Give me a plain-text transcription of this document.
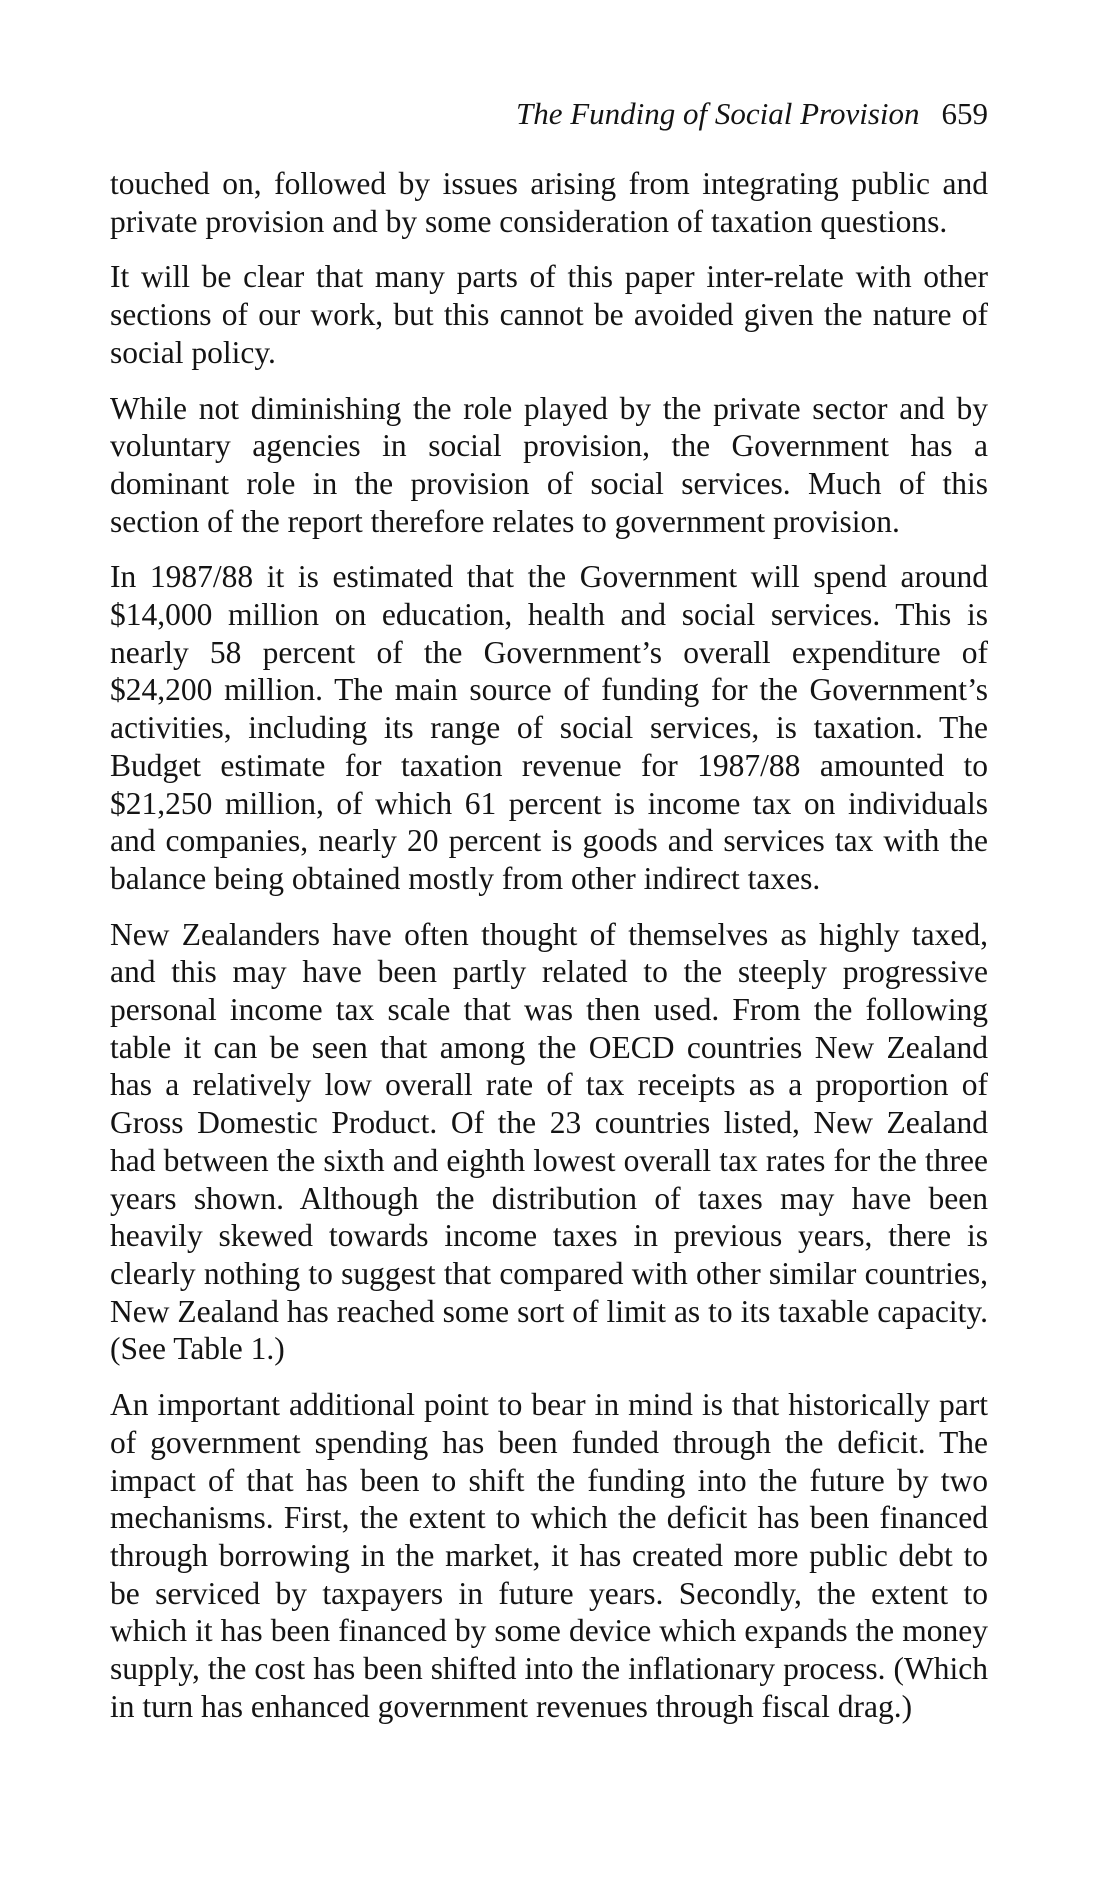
The Funding of Social Provision 659

touched on, followed by issues arising from integrating public and private provision and by some consideration of taxation questions.

It will be clear that many parts of this paper inter-relate with other sections of our work, but this cannot be avoided given the nature of social policy.

While not diminishing the role played by the private sector and by voluntary agencies in social provision, the Government has a dominant role in the provision of social services. Much of this section of the report therefore relates to government provision.

In 1987/88 it is estimated that the Government will spend around $14,000 million on education, health and social services. This is nearly 58 percent of the Government’s overall expenditure of $24,200 million. The main source of funding for the Government’s activities, including its range of social services, is taxation. The Budget estimate for taxation revenue for 1987/88 amounted to $21,250 million, of which 61 percent is income tax on individuals and companies, nearly 20 percent is goods and services tax with the balance being obtained mostly from other indirect taxes.

New Zealanders have often thought of themselves as highly taxed, and this may have been partly related to the steeply progressive personal income tax scale that was then used. From the following table it can be seen that among the OECD countries New Zealand has a relatively low overall rate of tax receipts as a proportion of Gross Domestic Product. Of the 23 countries listed, New Zealand had between the sixth and eighth lowest overall tax rates for the three years shown. Although the distribution of taxes may have been heavily skewed towards income taxes in previous years, there is clearly nothing to suggest that compared with other similar countries, New Zealand has reached some sort of limit as to its taxable capacity. (See Table 1.)

An important additional point to bear in mind is that historically part of government spending has been funded through the deficit. The impact of that has been to shift the funding into the future by two mechanisms. First, the extent to which the deficit has been financed through borrowing in the market, it has created more public debt to be serviced by taxpayers in future years. Secondly, the extent to which it has been financed by some device which expands the money supply, the cost has been shifted into the inflationary process. (Which in turn has enhanced government revenues through fiscal drag.)
